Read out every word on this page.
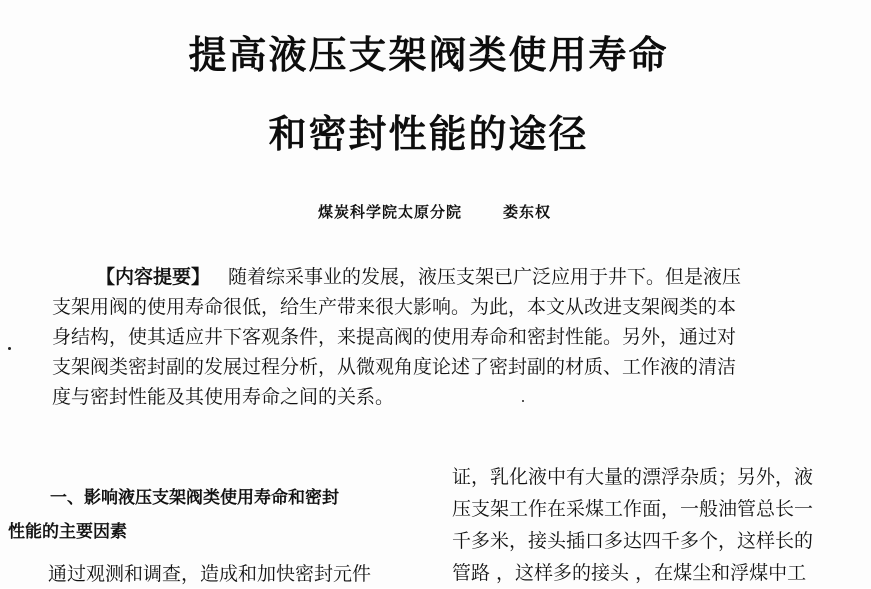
提高液压支架阀类使用寿命
和密封性能的途径
煤炭科学院太原分院	娄东权
【内容提要】 随着综采事业的发展，液压支架已广泛应用于井下。但是液压
支架用阀的使用寿命很低，给生产带来很大影响。为此，本文从改进支架阀类的本
身结构，使其适应井下客观条件，来提高阀的使用寿命和密封性能。另外，通过对
支架阀类密封副的发展过程分析，从微观角度论述了密封副的材质、工作液的清洁
度与密封性能及其使用寿命之间的关系。
一、影响液压支架阀类使用寿命和密封
性能的主要因素
通过观测和调查，造成和加快密封元件
证，乳化液中有大量的漂浮杂质；另外，液
压支架工作在采煤工作面，一般油管总长一
千多米，接头插口多达四千多个，这样长的
管路 ，这样多的接头 ，在煤尘和浮煤中工
